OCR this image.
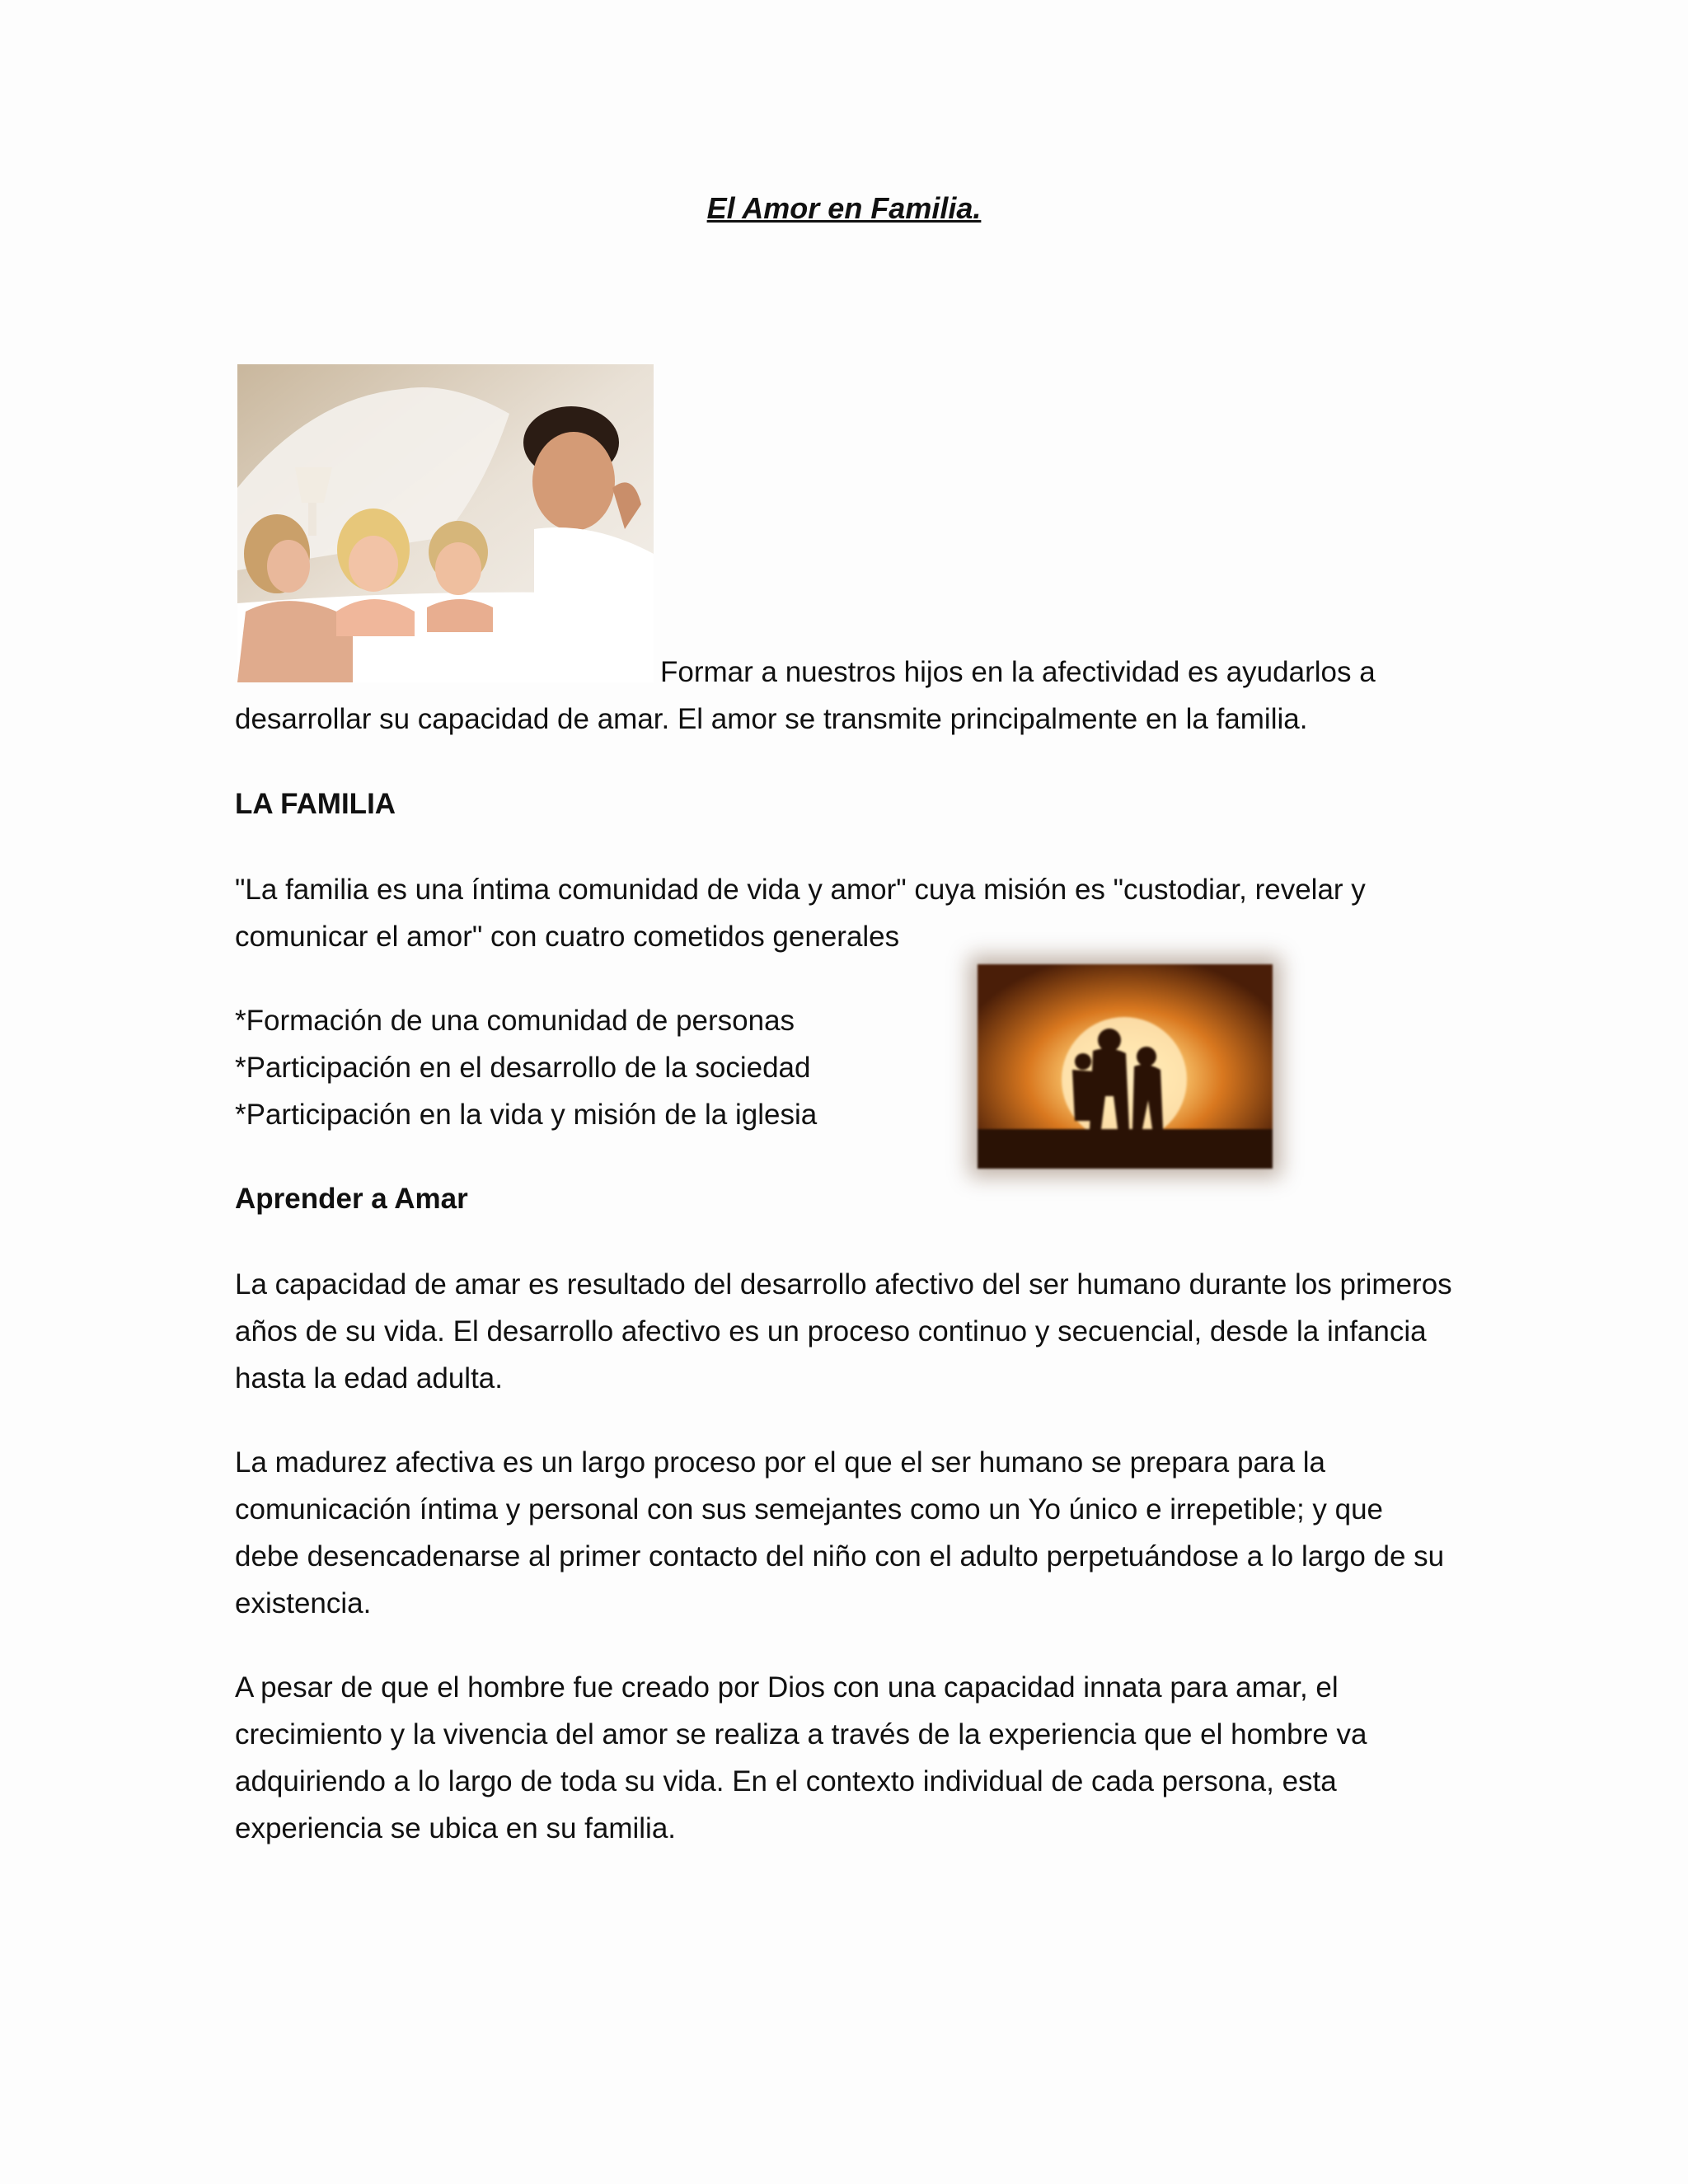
El Amor en Familia.

Formar a nuestros hijos en la afectividad es ayudarlos a desarrollar su capacidad de amar. El amor se transmite principalmente en la familia.

LA FAMILIA

"La familia es una íntima comunidad de vida y amor" cuya misión es "custodiar, revelar y comunicar el amor" con cuatro cometidos generales

*Formación de una comunidad de personas
*Participación en el desarrollo de la sociedad
*Participación en la vida y misión de la iglesia

Aprender a Amar

La capacidad de amar es resultado del desarrollo afectivo del ser humano durante los primeros años de su vida. El desarrollo afectivo es un proceso continuo y secuencial, desde la infancia hasta la edad adulta.

La madurez afectiva es un largo proceso por el que el ser humano se prepara para la comunicación íntima y personal con sus semejantes como un Yo único e irrepetible; y que debe desencadenarse al primer contacto del niño con el adulto perpetuándose a lo largo de su existencia.

A pesar de que el hombre fue creado por Dios con una capacidad innata para amar, el crecimiento y la vivencia del amor se realiza a través de la experiencia que el hombre va adquiriendo a lo largo de toda su vida. En el contexto individual de cada persona, esta experiencia se ubica en su familia.
